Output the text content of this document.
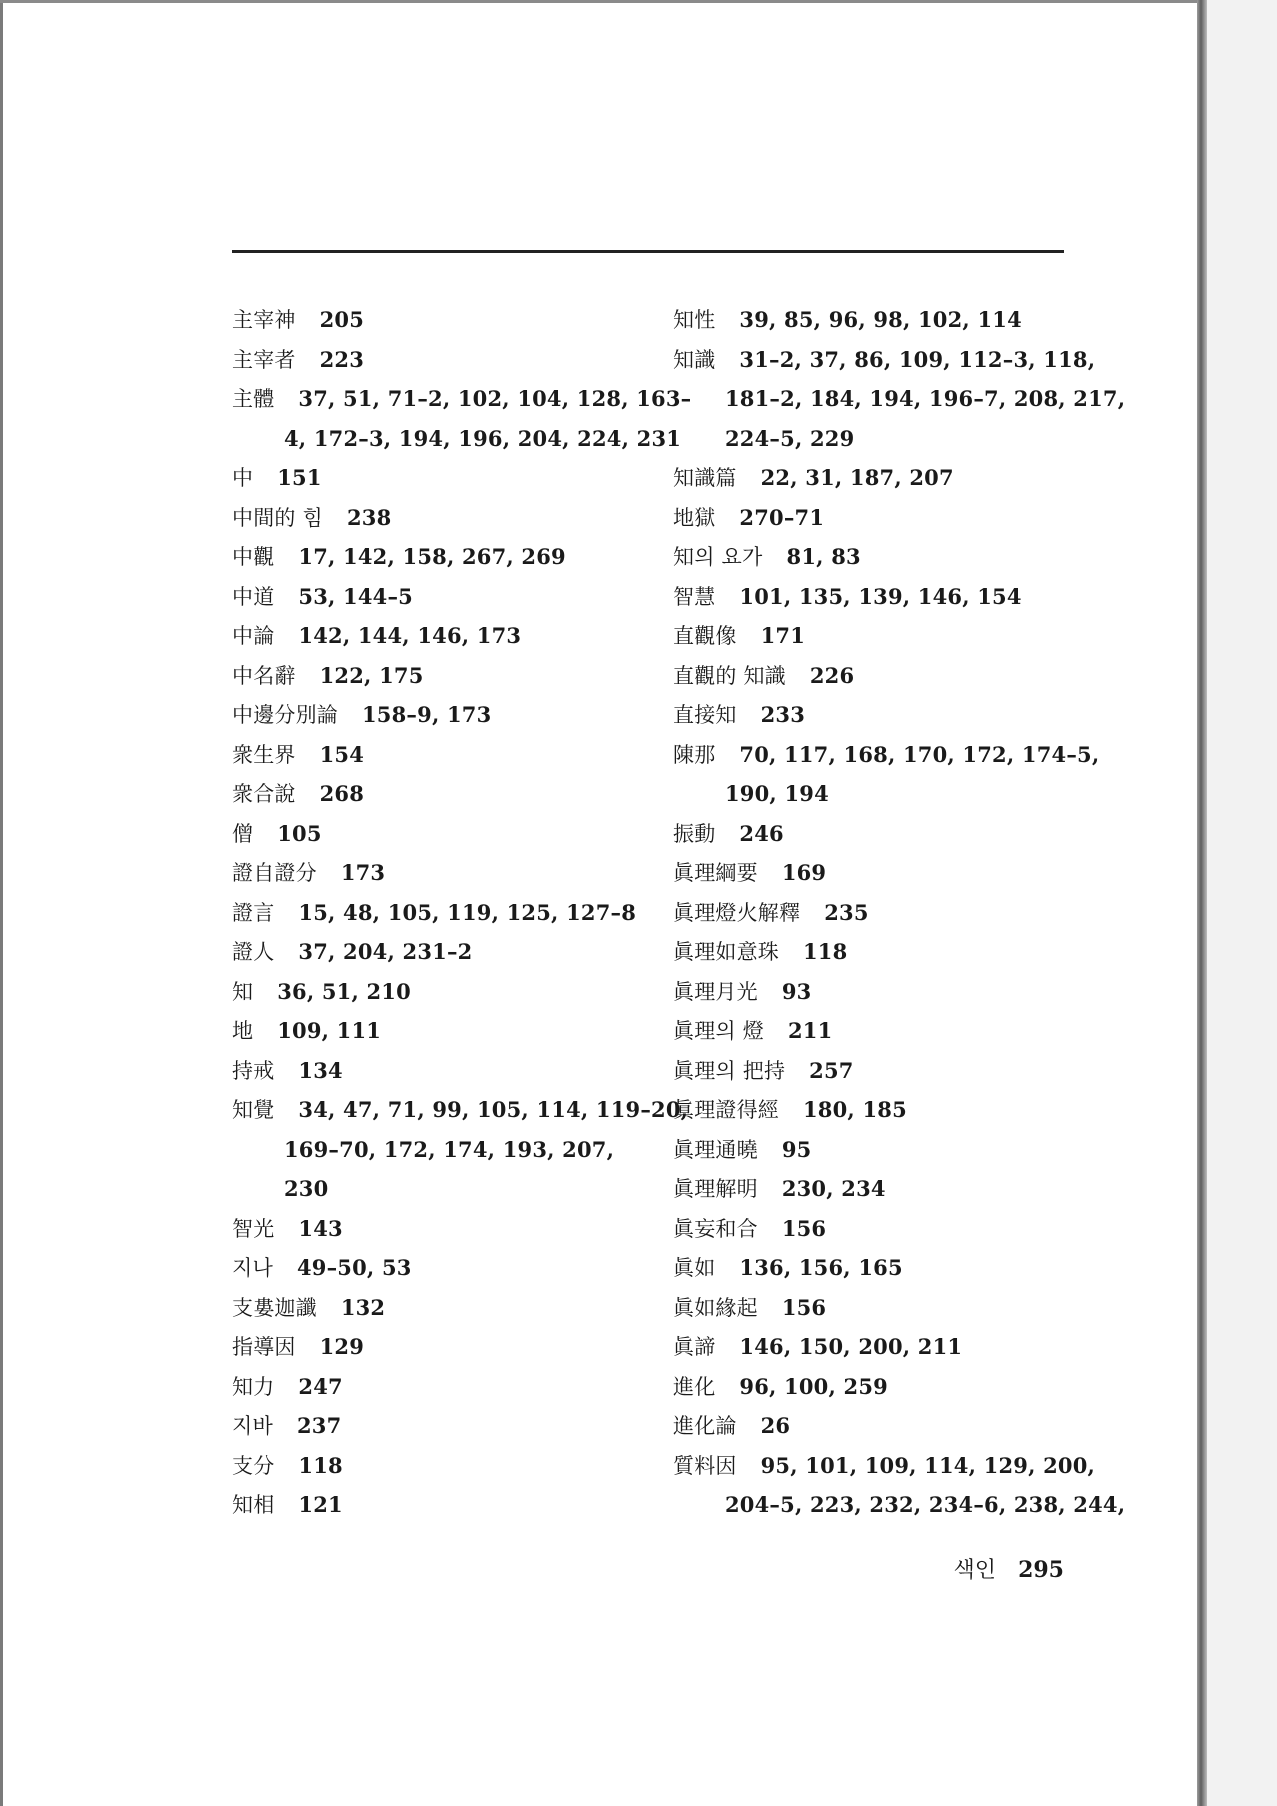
主宰神 205
主宰者 223
主體 37, 51, 71–2, 102, 104, 128, 163–
4, 172–3, 194, 196, 204, 224, 231
中 151
中間的 힘 238
中觀 17, 142, 158, 267, 269
中道 53, 144–5
中論 142, 144, 146, 173
中名辭 122, 175
中邊分別論 158–9, 173
衆生界 154
衆合說 268
僧 105
證自證分 173
證言 15, 48, 105, 119, 125, 127–8
證人 37, 204, 231–2
知 36, 51, 210
地 109, 111
持戒 134
知覺 34, 47, 71, 99, 105, 114, 119–20,
169–70, 172, 174, 193, 207,
230
智光 143
지나 49–50, 53
支婁迦讖 132
指導因 129
知力 247
지바 237
支分 118
知相 121
知性 39, 85, 96, 98, 102, 114
知識 31–2, 37, 86, 109, 112–3, 118,
181–2, 184, 194, 196–7, 208, 217,
224–5, 229
知識篇 22, 31, 187, 207
地獄 270–71
知의 요가 81, 83
智慧 101, 135, 139, 146, 154
直觀像 171
直觀的 知識 226
直接知 233
陳那 70, 117, 168, 170, 172, 174–5,
190, 194
振動 246
眞理綱要 169
眞理燈火解釋 235
眞理如意珠 118
眞理月光 93
眞理의 燈 211
眞理의 把持 257
眞理證得經 180, 185
眞理通曉 95
眞理解明 230, 234
眞妄和合 156
眞如 136, 156, 165
眞如緣起 156
眞諦 146, 150, 200, 211
進化 96, 100, 259
進化論 26
質料因 95, 101, 109, 114, 129, 200,
204–5, 223, 232, 234–6, 238, 244,
색인 295
